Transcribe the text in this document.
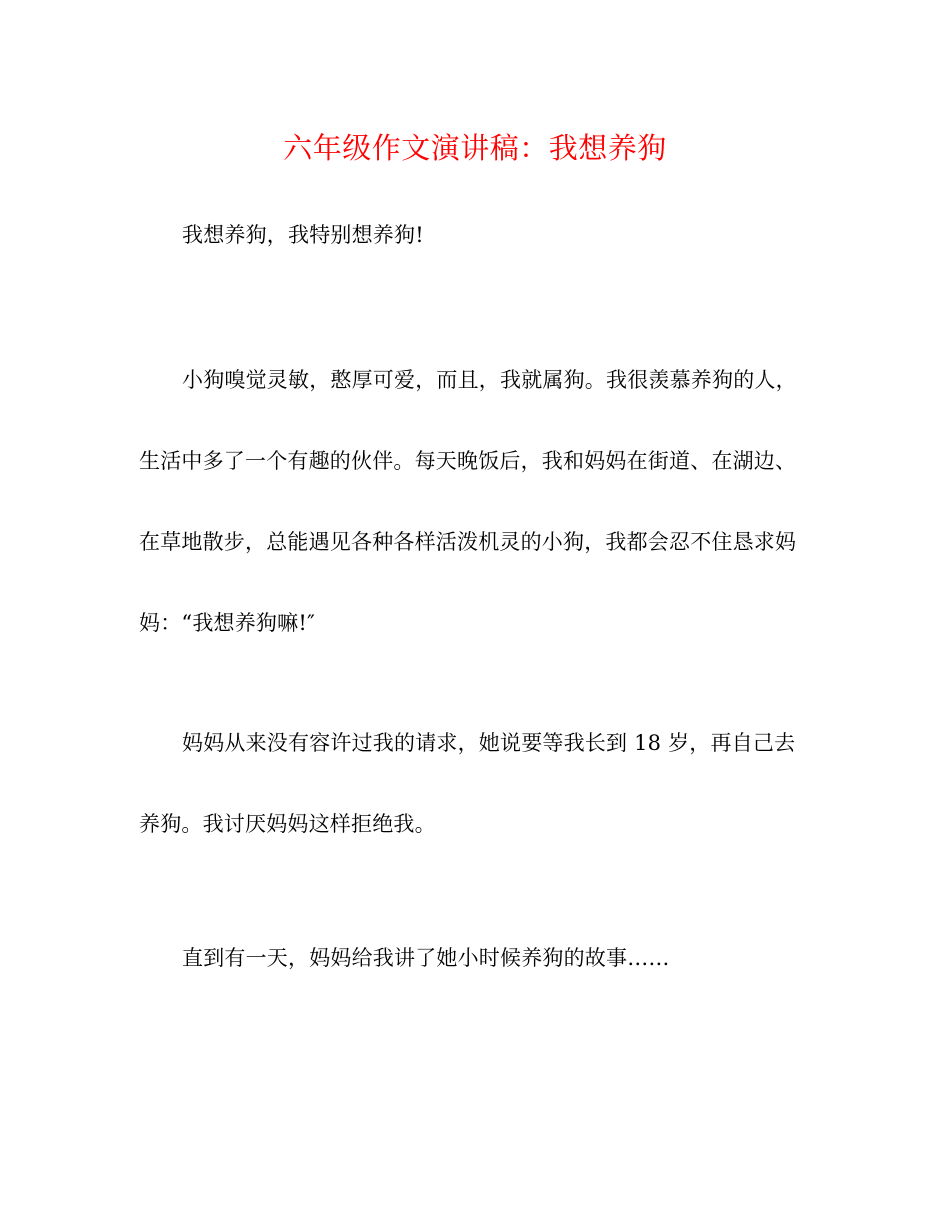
六年级作文演讲稿：我想养狗
我想养狗，我特别想养狗!
小狗嗅觉灵敏，憨厚可爱，而且，我就属狗。我很羡慕养狗的人，
生活中多了一个有趣的伙伴。每天晚饭后，我和妈妈在街道、在湖边、
在草地散步，总能遇见各种各样活泼机灵的小狗，我都会忍不住恳求妈
妈：“我想养狗嘛!″
妈妈从来没有容许过我的请求，她说要等我长到 18 岁，再自己去
养狗。我讨厌妈妈这样拒绝我。
直到有一天，妈妈给我讲了她小时候养狗的故事……
